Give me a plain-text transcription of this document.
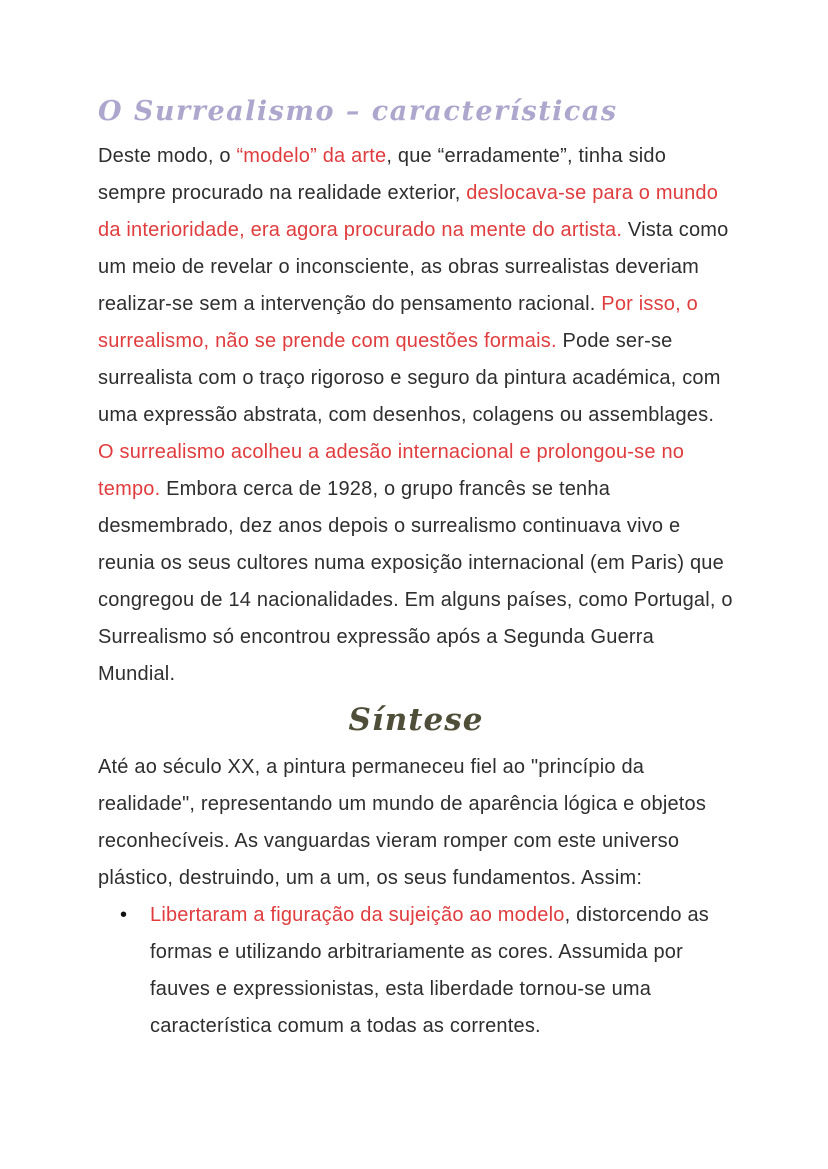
O Surrealismo – características
Deste modo, o “modelo” da arte, que “erradamente”, tinha sido
sempre procurado na realidade exterior, deslocava-se para o mundo
da interioridade, era agora procurado na mente do artista. Vista como
um meio de revelar o inconsciente, as obras surrealistas deveriam
realizar-se sem a intervenção do pensamento racional. Por isso, o
surrealismo, não se prende com questões formais. Pode ser-se
surrealista com o traço rigoroso e seguro da pintura académica, com
uma expressão abstrata, com desenhos, colagens ou assemblages.
O surrealismo acolheu a adesão internacional e prolongou-se no
tempo. Embora cerca de 1928, o grupo francês se tenha
desmembrado, dez anos depois o surrealismo continuava vivo e
reunia os seus cultores numa exposição internacional (em Paris) que
congregou de 14 nacionalidades. Em alguns países, como Portugal, o
Surrealismo só encontrou expressão após a Segunda Guerra
Mundial.
Síntese
Até ao século XX, a pintura permaneceu fiel ao "princípio da
realidade", representando um mundo de aparência lógica e objetos
reconhecíveis. As vanguardas vieram romper com este universo
plástico, destruindo, um a um, os seus fundamentos. Assim:
•	Libertaram a figuração da sujeição ao modelo, distorcendo as
formas e utilizando arbitrariamente as cores. Assumida por
fauves e expressionistas, esta liberdade tornou-se uma
característica comum a todas as correntes.
